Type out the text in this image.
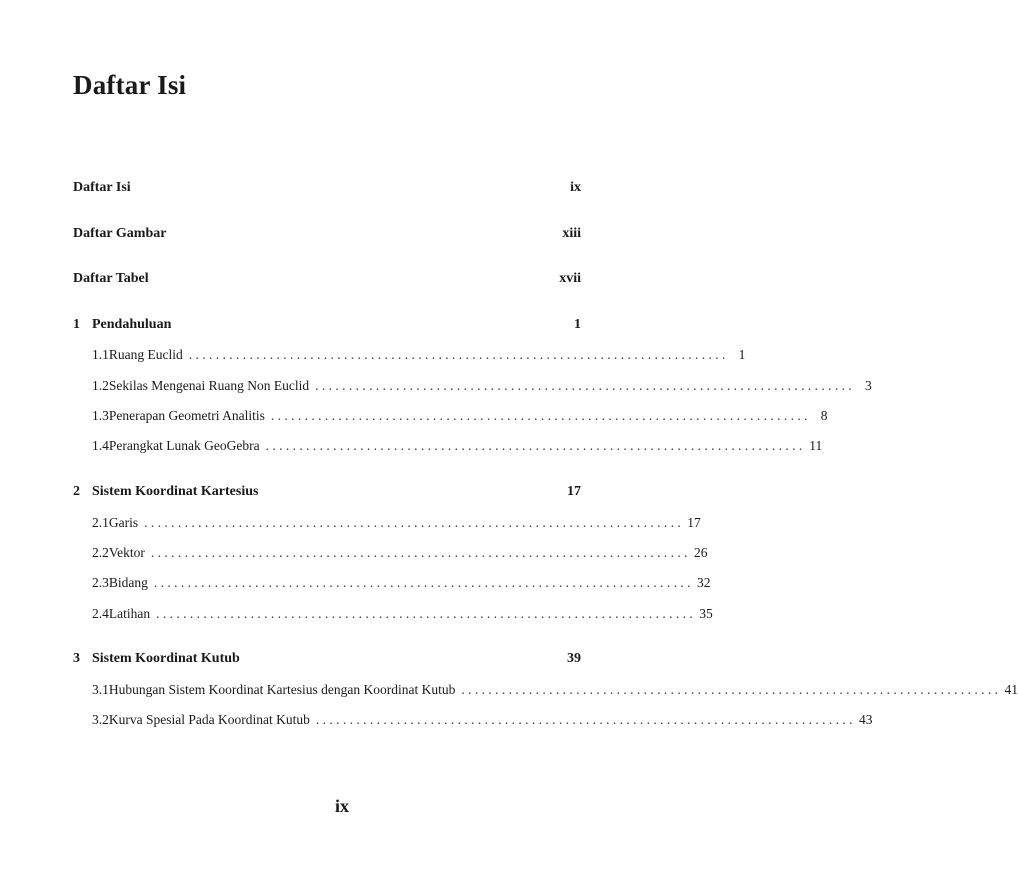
Daftar Isi
Daftar Isi	ix
Daftar Gambar	xiii
Daftar Tabel	xvii
1 Pendahuluan	1
1.1 Ruang Euclid . . . . . . . . . . . . . . . . . . . . . . . . . . . . . . . . . . . . . . . . . . . . . . . . . . . . . . . . . . . . . . . . . . . . . . . . . . . . . . . . 1
1.2 Sekilas Mengenai Ruang Non Euclid . . . . . . . . . . . . . . . . . . . . . . . . . . . . . . . . . . . . . . . . . . . . . . . . . . . . . . . . . . . . . . . . . . . . . . . . . . . . . . . . 3
1.3 Penerapan Geometri Analitis . . . . . . . . . . . . . . . . . . . . . . . . . . . . . . . . . . . . . . . . . . . . . . . . . . . . . . . . . . . . . . . . . . . . . . . . . . . . . . . . 8
1.4 Perangkat Lunak GeoGebra . . . . . . . . . . . . . . . . . . . . . . . . . . . . . . . . . . . . . . . . . . . . . . . . . . . . . . . . . . . . . . . . . . . . . . . . . . . . . . . . 11
2 Sistem Koordinat Kartesius	17
2.1 Garis . . . . . . . . . . . . . . . . . . . . . . . . . . . . . . . . . . . . . . . . . . . . . . . . . . . . . . . . . . . . . . . . . . . . . . . . . . . . . . . . 17
2.2 Vektor . . . . . . . . . . . . . . . . . . . . . . . . . . . . . . . . . . . . . . . . . . . . . . . . . . . . . . . . . . . . . . . . . . . . . . . . . . . . . . . . 26
2.3 Bidang . . . . . . . . . . . . . . . . . . . . . . . . . . . . . . . . . . . . . . . . . . . . . . . . . . . . . . . . . . . . . . . . . . . . . . . . . . . . . . . . 32
2.4 Latihan . . . . . . . . . . . . . . . . . . . . . . . . . . . . . . . . . . . . . . . . . . . . . . . . . . . . . . . . . . . . . . . . . . . . . . . . . . . . . . . . 35
3 Sistem Koordinat Kutub	39
3.1 Hubungan Sistem Koordinat Kartesius dengan Koordinat Kutub . . . . . . . . . . . . . . . . . . . . . . . . . . . . . . . . . . . . . . . . . . . . . . . . . . . . . . . . . . . . . . . . . . . . . . . . . . . . . . . . 41
3.2 Kurva Spesial Pada Koordinat Kutub . . . . . . . . . . . . . . . . . . . . . . . . . . . . . . . . . . . . . . . . . . . . . . . . . . . . . . . . . . . . . . . . . . . . . . . . . . . . . . . . 43
ix
